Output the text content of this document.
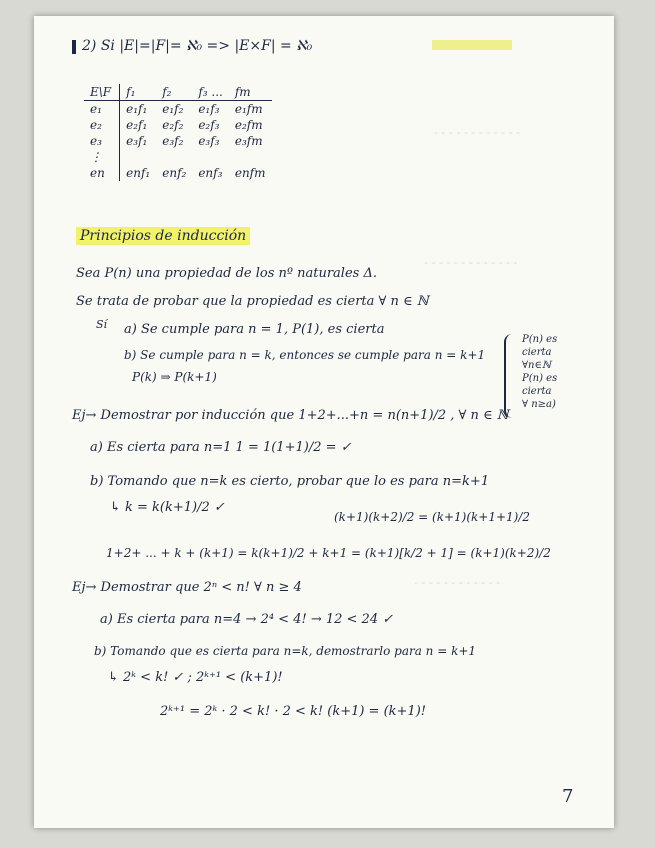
- - - - - - - - - - - -
- - - - - - - - - - - - -
- - - - - - - - - - - -
2) Si |E|=|F|= ℵ₀ => |E×F| = ℵ₀
E\F	f₁	f₂	f₃ ...	fm
e₁	e₁f₁	e₁f₂	e₁f₃	e₁fm
e₂	e₂f₁	e₂f₂	e₂f₃	e₂fm
e₃	e₃f₁	e₃f₂	e₃f₃	e₃fm
⋮				
en	enf₁	enf₂	enf₃	enfm
Principios de inducción
Sea P(n) una propiedad de los nº naturales Δ.
Se trata de probar que la propiedad es cierta ∀ n ∈ ℕ
Sí a) Se cumple para n = 1, P(1), es cierta
b) Se cumple para n = k, entonces se cumple para n = k+1
P(k) ⇒ P(k+1)
P(n) es
cierta
∀n∈ℕ
P(n) es
cierta
∀ n≥a)
Ej→ Demostrar por inducción que 1+2+...+n = n(n+1)/2 , ∀ n ∈ ℕ
a) Es cierta para n=1 1 = 1(1+1)/2 = ✓
b) Tomando que n=k es cierto, probar que lo es para n=k+1
↳ k = k(k+1)/2 ✓
(k+1)(k+2)/2 = (k+1)(k+1+1)/2
1+2+ ... + k + (k+1) = k(k+1)/2 + k+1 = (k+1)[k/2 + 1] = (k+1)(k+2)/2
Ej→ Demostrar que 2ⁿ < n! ∀ n ≥ 4
a) Es cierta para n=4 → 2⁴ < 4! → 12 < 24 ✓
b) Tomando que es cierta para n=k, demostrarlo para n = k+1
↳ 2ᵏ < k! ✓ ; 2ᵏ⁺¹ < (k+1)!
2ᵏ⁺¹ = 2ᵏ · 2 < k! · 2 < k! (k+1) = (k+1)!
7
